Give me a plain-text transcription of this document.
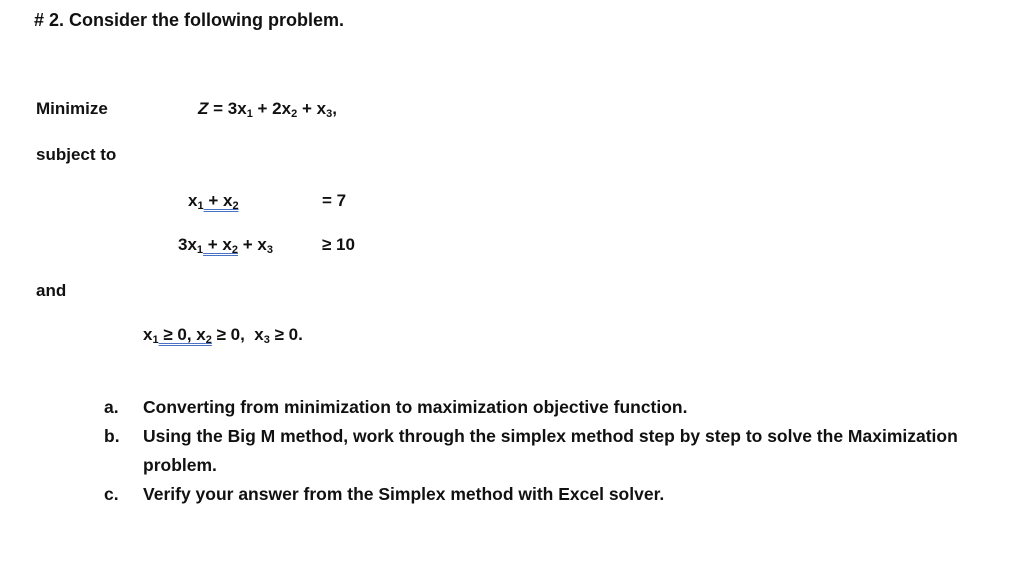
# 2. Consider the following problem.
Minimize	$Z = 3x_1 + 2x_2 + x_3$,
subject to
$x_1 + x_2$	= 7
$3x_1 + x_2 + x_3$	≥ 10
and
$x_1 \ge 0$, $x_2 \ge 0$,  $x_3 \ge 0$.
a.	Converting from minimization to maximization objective function.
b.	Using the Big M method, work through the simplex method step by step to solve the Maximization problem.
c.	Verify your answer from the Simplex method with Excel solver.
